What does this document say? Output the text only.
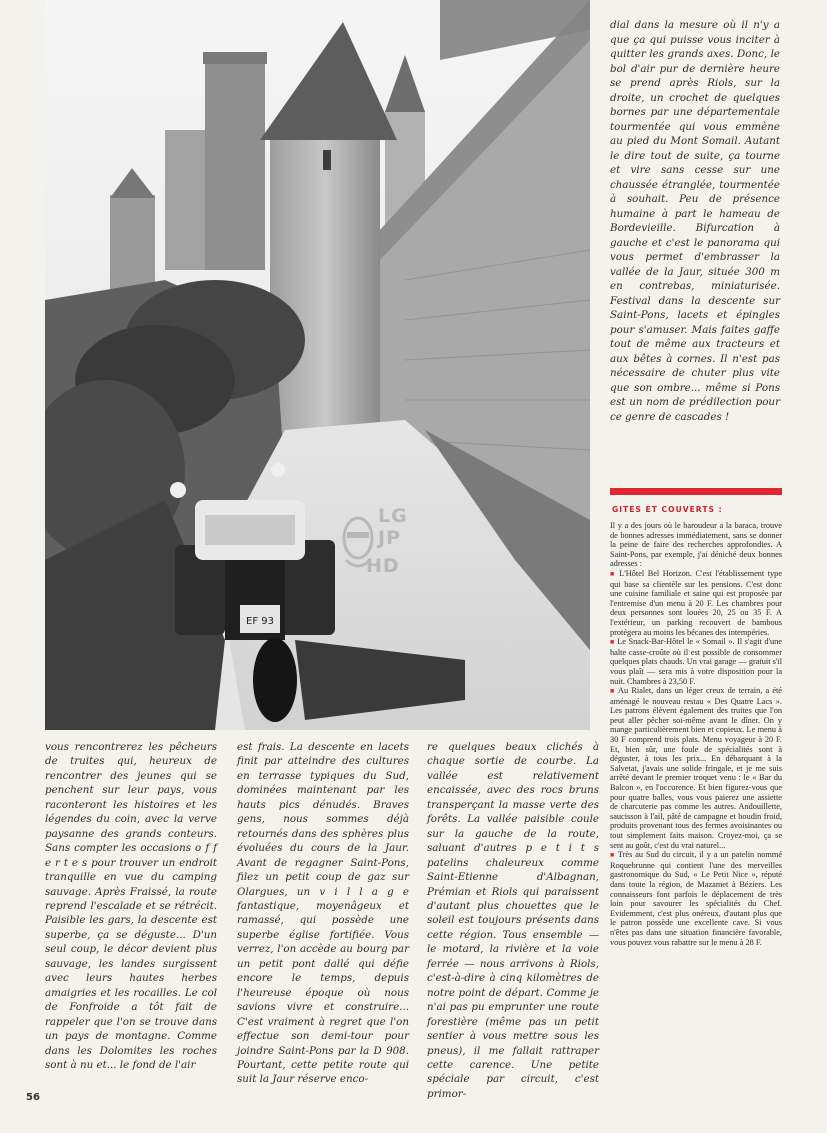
EF 93
LG
JP
HD

dial dans la mesure où il n'y a que ça qui puisse vous inciter à quitter les grands axes. Donc, le bol d'air pur de dernière heure se prend après Riols, sur la droite, un crochet de quelques bornes par une départementale tourmentée qui vous emmène au pied du Mont Somail. Autant le dire tout de suite, ça tourne et vire sans cesse sur une chaussée étranglée, tourmentée à souhait. Peu de présence humaine à part le hameau de Bordevieille. Bifurcation à gauche et c'est le panorama qui vous permet d'embrasser la vallée de la Jaur, située 300 m en contrebas, miniaturisée. Festival dans la descente sur Saint-Pons, lacets et épingles pour s'amuser. Mais faites gaffe tout de même aux tracteurs et aux bêtes à cornes. Il n'est pas nécessaire de chuter plus vite que son ombre... même si Pons est un nom de prédilection pour ce genre de cascades !

GITES ET COUVERTS :

Il y a des jours où le baroudeur a la baraca, trouve de bonnes adresses immédiatement, sans se donner la peine de faire des recherches approfondies. A Saint-Pons, par exemple, j'ai déniché deux bonnes adresses :

■ L'Hôtel Bel Horizon. C'est l'établissement type qui base sa clientèle sur les pensions. C'est donc une cuisine familiale et saine qui est proposée par l'entremise d'un menu à 20 F. Les chambres pour deux personnes sont louées 20, 25 ou 35 F. A l'extérieur, un parking recouvert de bambous protégera au moins les bécanes des intempéries.

■ Le Snack-Bar-Hôtel le « Somail ». Il s'agit d'une halte casse-croûte où il est possible de consommer quelques plats chauds. Un vrai garage — gratuit s'il vous plaît — sera mis à votre disposition pour la nuit. Chambres à 23,50 F.

■ Au Rialet, dans un léger creux de terrain, a été aménagé le nouveau restau « Des Quatre Lacs ». Les patrons élèvent également des truites que l'on peut aller pêcher soi-même avant le dîner. On y mange particulièrement bien et copieux. Le menu à 30 F comprend trois plats. Menu voyageur à 20 F. Et, bien sûr, une foule de spécialités sont à déguster, à tous les prix... En débarquant à la Salvetat, j'avais une solide fringale, et je me suis arrêté devant le premier troquet venu : le « Bar du Balcon », en l'occurence. Et bien figurez-vous que pour quatre balles, vous vous paierez une assiette de charcuterie pas comme les autres. Andouillette, saucisson à l'ail, pâté de campagne et boudin froid, produits provenant tous des fermes avoisinantes ou tout simplement faits maison. Croyez-moi, ça se sent au goût, c'est du vrai naturel...

■ Très au Sud du circuit, il y a un patelin nommé Roquebrunne qui contient l'une des merveilles gastronomique du Sud, « Le Petit Nice », réputé dans toute la région, de Mazamet à Béziers. Les connaisseurs font parfois le déplacement de très loin pour savourer les spécialités du Chef. Evidemment, c'est plus onéreux, d'autant plus que le patron possède une excellente cave. Si vous n'êtes pas dans une situation financière favorable, vous pouvez vous rabattre sur le menu à 28 F.

vous rencontrerez les pêcheurs de truites qui, heureux de rencontrer des jeunes qui se penchent sur leur pays, vous raconteront les histoires et les légendes du coin, avec la verve paysanne des grands conteurs. Sans compter les occasions o f f e r t e s pour trouver un endroit tranquille en vue du camping sauvage. Après Fraissé, la route reprend l'escalade et se rétrécit. Paisible les gars, la descente est superbe, ça se déguste... D'un seul coup, le décor devient plus sauvage, les landes surgissent avec leurs hautes herbes amaigries et les rocailles. Le col de Fonfroide a tôt fait de rappeler que l'on se trouve dans un pays de montagne. Comme dans les Dolomites les roches sont à nu et... le fond de l'air

est frais. La descente en lacets finit par atteindre des cultures en terrasse typiques du Sud, dominées maintenant par les hauts pics dénudés. Braves gens, nous sommes déjà retournés dans des sphères plus évoluées du cours de la Jaur. Avant de regagner Saint-Pons, filez un petit coup de gaz sur Olargues, un v i l l a g e fantastique, moyenâgeux et ramassé, qui possède une superbe église fortifiée. Vous verrez, l'on accède au bourg par un petit pont dallé qui défie encore le temps, depuis l'heureuse époque où nous savions vivre et construire... C'est vraiment à regret que l'on effectue son demi-tour pour joindre Saint-Pons par la D 908. Pourtant, cette petite route qui suit la Jaur réserve enco-

re quelques beaux clichés à chaque sortie de courbe. La vallée est relativement encaissée, avec des rocs bruns transperçant la masse verte des forêts. La vallée paisible coule sur la gauche de la route, saluant d'autres p e t i t s patelins chaleureux comme Saint-Etienne d'Albagnan, Prémian et Riols qui paraissent d'autant plus chouettes que le soleil est toujours présents dans cette région. Tous ensemble — le motard, la rivière et la voie ferrée — nous arrivons à Riols, c'est-à-dire à cinq kilomètres de notre point de départ. Comme je n'ai pas pu emprunter une route forestière (même pas un petit sentier à vous mettre sous les pneus), il me fallait rattraper cette carence. Une petite spéciale par circuit, c'est primor-

56
